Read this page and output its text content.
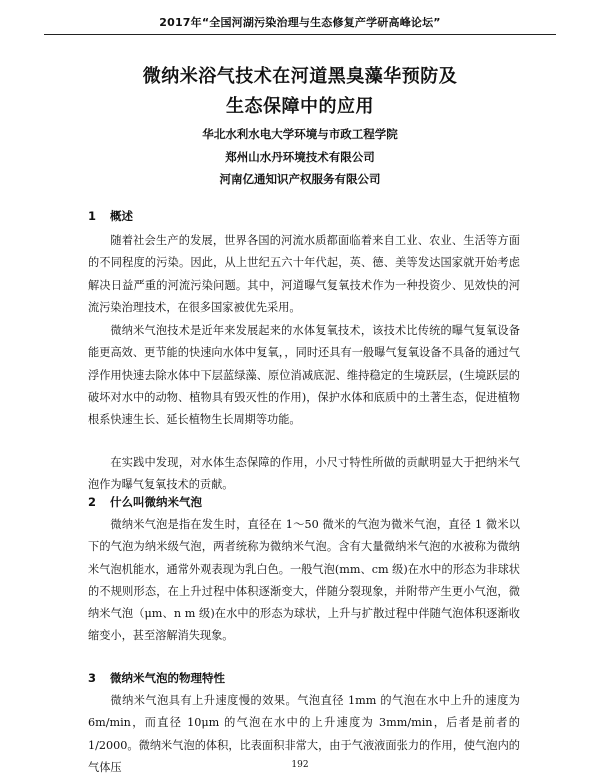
2017年“全国河湖污染治理与生态修复产学研高峰论坛”
微纳米浴气技术在河道黑臭藻华预防及
生态保障中的应用
华北水利水电大学环境与市政工程学院
郑州山水丹环境技术有限公司
河南亿通知识产权服务有限公司
1 概述

随着社会生产的发展，世界各国的河流水质都面临着来自工业、农业、生活等方面的不同程度的污染。因此，从上世纪五六十年代起，英、德、美等发达国家就开始考虑解决日益严重的河流污染问题。其中，河道曝气复氧技术作为一种投资少、见效快的河流污染治理技术，在很多国家被优先采用。

微纳米气泡技术是近年来发展起来的水体复氧技术，该技术比传统的曝气复氧设备能更高效、更节能的快速向水体中复氧，，同时还具有一般曝气复氧设备不具备的通过气浮作用快速去除水体中下层蓝绿藻、原位消减底泥、维持稳定的生境跃层，(生境跃层的破坏对水中的动物、植物具有毁灭性的作用)，保护水体和底质中的土著生态，促进植物根系快速生长、延长植物生长周期等功能。

在实践中发现，对水体生态保障的作用，小尺寸特性所做的贡献明显大于把纳米气泡作为曝气复氧技术的贡献。

2 什么叫微纳米气泡

微纳米气泡是指在发生时，直径在 1～50 微米的气泡为微米气泡，直径 1 微米以下的气泡为纳米级气泡，两者统称为微纳米气泡。含有大量微纳米气泡的水被称为微纳米气泡机能水，通常外观表现为乳白色。一般气泡(mm、cm 级)在水中的形态为非球状的不规则形态，在上升过程中体积逐渐变大，伴随分裂现象，并附带产生更小气泡，微纳米气泡（μm、n m 级)在水中的形态为球状，上升与扩散过程中伴随气泡体积逐渐收缩变小，甚至溶解消失现象。

3 微纳米气泡的物理特性

微纳米气泡具有上升速度慢的效果。气泡直径 1mm 的气泡在水中上升的速度为 6m/min，而直径 10μm 的气泡在水中的上升速度为 3mm/min，后者是前者的 1/2000。微纳米气泡的体积，比表面积非常大，由于气液液面张力的作用，使气泡内的气体压	192
